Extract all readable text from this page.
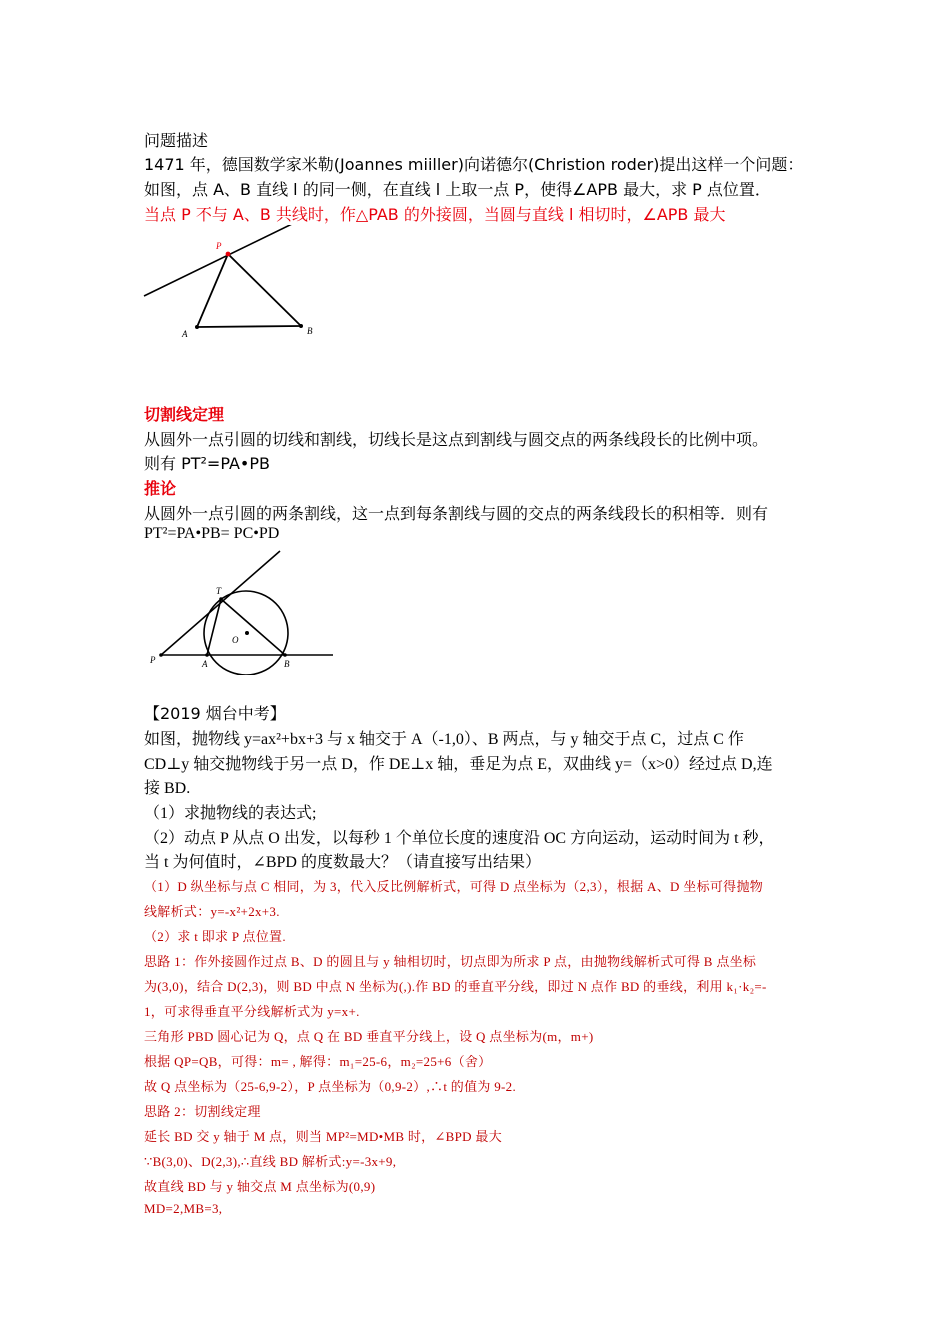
问题描述
1471 年，德国数学家米勒(Joannes miiller)向诺德尔(Christion roder)提出这样一个问题：
如图，点 A、B 直线 l 的同一侧，在直线 l 上取一点 P，使得∠APB 最大，求 P 点位置．
当点 P 不与 A、B 共线时，作△PAB 的外接圆，当圆与直线 l 相切时，∠APB 最大
P
A	B
切割线定理
从圆外一点引圆的切线和割线，切线长是这点到割线与圆交点的两条线段长的比例中项。
则有 PT²=PA•PB
推论
从圆外一点引圆的两条割线，这一点到每条割线与圆的交点的两条线段长的积相等．则有
PT²=PA•PB= PC•PD
T
O
P	A	B
【2019 烟台中考】
如图，抛物线 y=ax²+bx+3 与 x 轴交于 A（-1,0）、B 两点，与 y 轴交于点 C，过点 C 作
CD⊥y 轴交抛物线于另一点 D，作 DE⊥x 轴，垂足为点 E，双曲线 y=（x>0）经过点 D,连
接 BD.
（1）求抛物线的表达式;
（2）动点 P 从点 O 出发，以每秒 1 个单位长度的速度沿 OC 方向运动，运动时间为 t 秒，
当 t 为何值时，∠BPD 的度数最大？（请直接写出结果）
（1）D 纵坐标与点 C 相同，为 3，代入反比例解析式，可得 D 点坐标为（2,3），根据 A、D 坐标可得抛物
线解析式：y=-x²+2x+3.
（2）求 t 即求 P 点位置.
思路 1：作外接圆作过点 B、D 的圆且与 y 轴相切时，切点即为所求 P 点，由抛物线解析式可得 B 点坐标
为(3,0)，结合 D(2,3)，则 BD 中点 N 坐标为(,).作 BD 的垂直平分线，即过 N 点作 BD 的垂线，利用 k₁·k₂=-
1，可求得垂直平分线解析式为 y=x+.
三角形 PBD 圆心记为 Q，点 Q 在 BD 垂直平分线上，设 Q 点坐标为(m，m+)
根据 QP=QB，可得：m= , 解得：m₁=25-6，m₂=25+6（舍）
故 Q 点坐标为（25-6,9-2），P 点坐标为（0,9-2）,∴t 的值为 9-2.
思路 2：切割线定理
延长 BD 交 y 轴于 M 点，则当 MP²=MD•MB 时，∠BPD 最大
∵B(3,0)、D(2,3),∴直线 BD 解析式:y=-3x+9,
故直线 BD 与 y 轴交点 M 点坐标为(0,9)
MD=2,MB=3,
